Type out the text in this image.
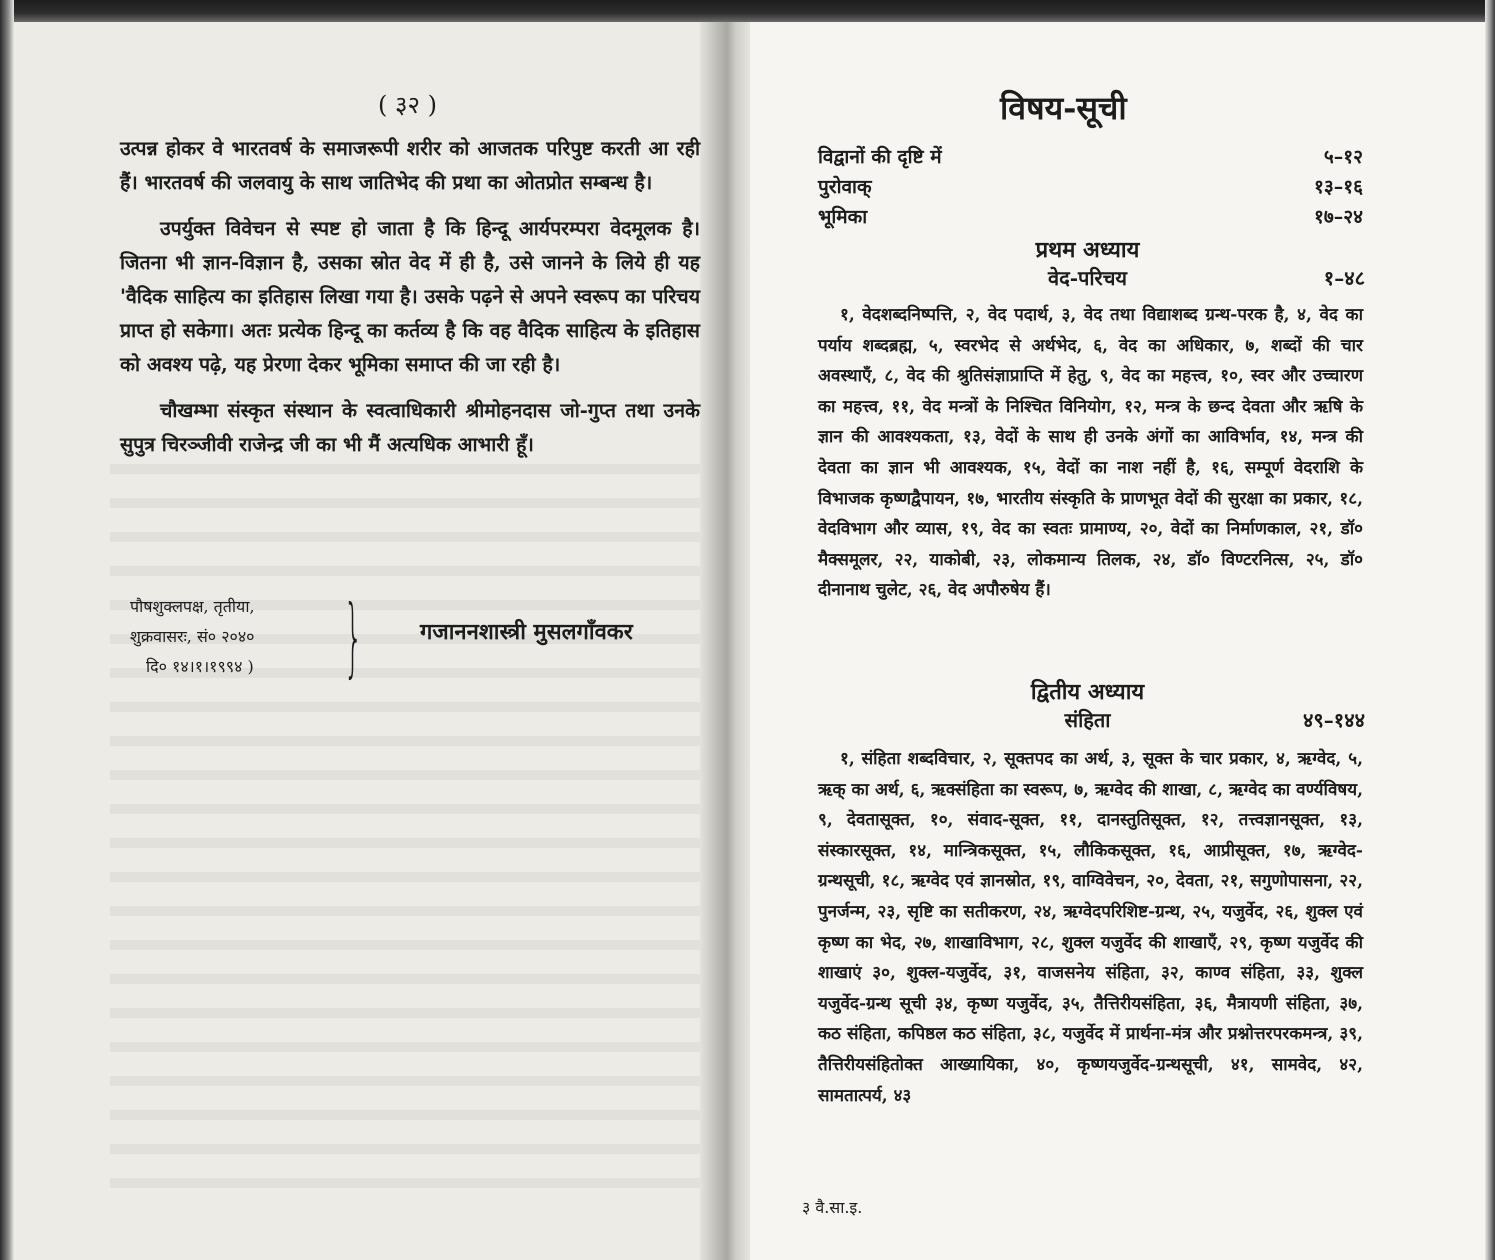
( ३२ )

उत्पन्न होकर वे भारतवर्ष के समाजरूपी शरीर को आजतक परिपुष्ट करती आ रही हैं। भारतवर्ष की जलवायु के साथ जातिभेद की प्रथा का ओतप्रोत सम्बन्ध है।

उपर्युक्त विवेचन से स्पष्ट हो जाता है कि हिन्दू आर्यपरम्परा वेदमूलक है। जितना भी ज्ञान-विज्ञान है, उसका स्रोत वेद में ही है, उसे जानने के लिये ही यह 'वैदिक साहित्य का इतिहास लिखा गया है। उसके पढ़ने से अपने स्वरूप का परिचय प्राप्त हो सकेगा। अतः प्रत्येक हिन्दू का कर्तव्य है कि वह वैदिक साहित्य के इतिहास को अवश्य पढ़े, यह प्रेरणा देकर भूमिका समाप्त की जा रही है।

चौखम्भा संस्कृत संस्थान के स्वत्वाधिकारी श्रीमोहनदास जो-गुप्त तथा उनके सुपुत्र चिरञ्जीवी राजेन्द्र जी का भी मैं अत्यधिक आभारी हूँ।

पौषशुक्लपक्ष, तृतीया,
शुक्रवासरः, सं० २०४०
दि० १४।१।१९९४ ) }	गजाननशास्त्री मुसलगाँवकर
विषय-सूची
विद्वानों की दृष्टि में	५–१२
पुरोवाक्	१३–१६
भूमिका	१७–२४
प्रथम अध्याय
वेद-परिचय	१–४८
१, वेदशब्दनिष्पत्ति, २, वेद पदार्थ, ३, वेद तथा विद्याशब्द ग्रन्थ-परक है, ४, वेद का पर्याय शब्दब्रह्म, ५, स्वरभेद से अर्थभेद, ६, वेद का अधिकार, ७, शब्दों की चार अवस्थाएँ, ८, वेद की श्रुतिसंज्ञाप्राप्ति में हेतु, ९, वेद का महत्त्व, १०, स्वर और उच्चारण का महत्त्व, ११, वेद मन्त्रों के निश्चित विनियोग, १२, मन्त्र के छन्द देवता और ऋषि के ज्ञान की आवश्यकता, १३, वेदों के साथ ही उनके अंगों का आविर्भाव, १४, मन्त्र की देवता का ज्ञान भी आवश्यक, १५, वेदों का नाश नहीं है, १६, सम्पूर्ण वेदराशि के विभाजक कृष्णद्वैपायन, १७, भारतीय संस्कृति के प्राणभूत वेदों की सुरक्षा का प्रकार, १८, वेदविभाग और व्यास, १९, वेद का स्वतः प्रामाण्य, २०, वेदों का निर्माणकाल, २१, डॉ० मैक्समूलर, २२, याकोबी, २३, लोकमान्य तिलक, २४, डॉ० विण्टरनित्स, २५, डॉ० दीनानाथ चुलेट, २६, वेद अपौरुषेय हैं।
द्वितीय अध्याय
संहिता	४९–१४४
१, संहिता शब्दविचार, २, सूक्तपद का अर्थ, ३, सूक्त के चार प्रकार, ४, ऋग्वेद, ५, ऋक् का अर्थ, ६, ऋक्संहिता का स्वरूप, ७, ऋग्वेद की शाखा, ८, ऋग्वेद का वर्ण्यविषय, ९, देवतासूक्त, १०, संवाद-सूक्त, ११, दानस्तुतिसूक्त, १२, तत्त्वज्ञानसूक्त, १३, संस्कारसूक्त, १४, मान्त्रिकसूक्त, १५, लौकिकसूक्त, १६, आप्रीसूक्त, १७, ऋग्वेद-ग्रन्थसूची, १८, ऋग्वेद एवं ज्ञानस्रोत, १९, वाग्विवेचन, २०, देवता, २१, सगुणोपासना, २२, पुनर्जन्म, २३, सृष्टि का सतीकरण, २४, ऋग्वेदपरिशिष्ट-ग्रन्थ, २५, यजुर्वेद, २६, शुक्ल एवं कृष्ण का भेद, २७, शाखाविभाग, २८, शुक्ल यजुर्वेद की शाखाएँ, २९, कृष्ण यजुर्वेद की शाखाएं ३०, शुक्ल-यजुर्वेद, ३१, वाजसनेय संहिता, ३२, काण्व संहिता, ३३, शुक्ल यजुर्वेद-ग्रन्थ सूची ३४, कृष्ण यजुर्वेद, ३५, तैत्तिरीयसंहिता, ३६, मैत्रायणी संहिता, ३७, कठ संहिता, कपिष्ठल कठ संहिता, ३८, यजुर्वेद में प्रार्थना-मंत्र और प्रश्नोत्तरपरकमन्त्र, ३९, तैत्तिरीयसंहितोक्त आख्यायिका, ४०, कृष्णयजुर्वेद-ग्रन्थसूची, ४१, सामवेद, ४२, सामतात्पर्य, ४३
३ वै.सा.इ.
